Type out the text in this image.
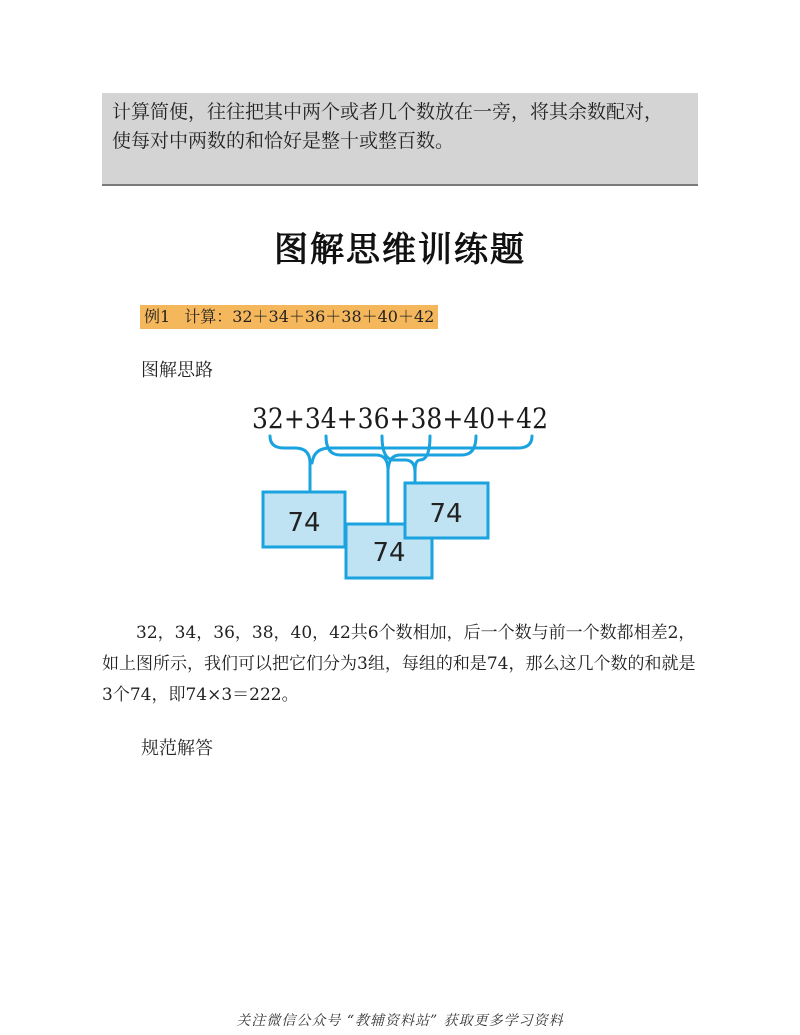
计算简便，往往把其中两个或者几个数放在一旁，将其余数配对，

使每对中两数的和恰好是整十或整百数。

图解思维训练题
例1 计算：32＋34＋36＋38＋40＋42
图解思路
32+34+36+38+40+42
74
74
74

32，34，36，38，40，42共6个数相加，后一个数与前一个数都相差2，如上图所示，我们可以把它们分为3组，每组的和是74，那么这几个数的和就是3个74，即74×3＝222。

规范解答
关注微信公众号 “教辅资料站” 获取更多学习资料
